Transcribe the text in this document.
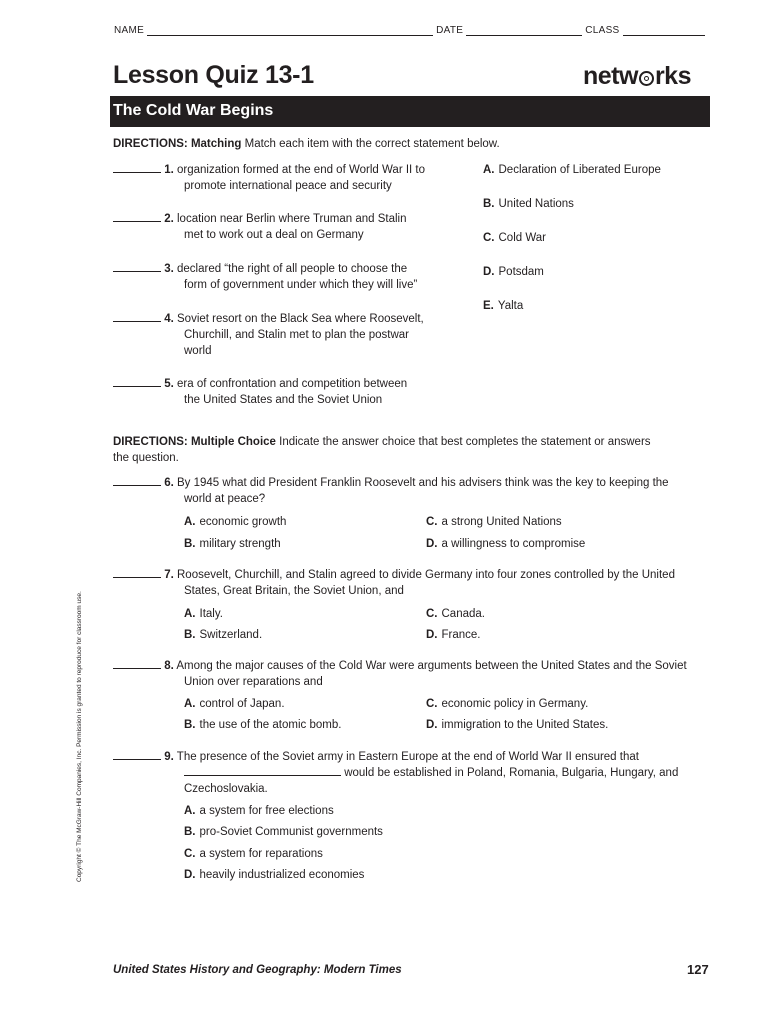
NAME	DATE	CLASS
Lesson Quiz 13-1	netw rks
The Cold War Begins
DIRECTIONS: Matching Match each item with the correct statement below.
1. organization formed at the end of World War II to
promote international peace and security
2. location near Berlin where Truman and Stalin
met to work out a deal on Germany
3. declared “the right of all people to choose the
form of government under which they will live”
4. Soviet resort on the Black Sea where Roosevelt,
Churchill, and Stalin met to plan the postwar
world
5. era of confrontation and competition between
the United States and the Soviet Union
A. Declaration of Liberated Europe
B. United Nations
C. Cold War
D. Potsdam
E. Yalta
DIRECTIONS: Multiple Choice Indicate the answer choice that best completes the statement or answers
the question.
6. By 1945 what did President Franklin Roosevelt and his advisers think was the key to keeping the
world at peace?
A. economic growth
B. military strength
C. a strong United Nations
D. a willingness to compromise
7. Roosevelt, Churchill, and Stalin agreed to divide Germany into four zones controlled by the United
States, Great Britain, the Soviet Union, and
A. Italy.
B. Switzerland.
C. Canada.
D. France.
8. Among the major causes of the Cold War were arguments between the United States and the Soviet
Union over reparations and
A. control of Japan.
B. the use of the atomic bomb.
C. economic policy in Germany.
D. immigration to the United States.
9. The presence of the Soviet army in Eastern Europe at the end of World War II ensured that
would be established in Poland, Romania, Bulgaria, Hungary, and
Czechoslovakia.
A. a system for free elections
B. pro-Soviet Communist governments
C. a system for reparations
D. heavily industrialized economies
Copyright © The McGraw-Hill Companies, Inc. Permission is granted to reproduce for classroom use.
United States History and Geography: Modern Times	127
